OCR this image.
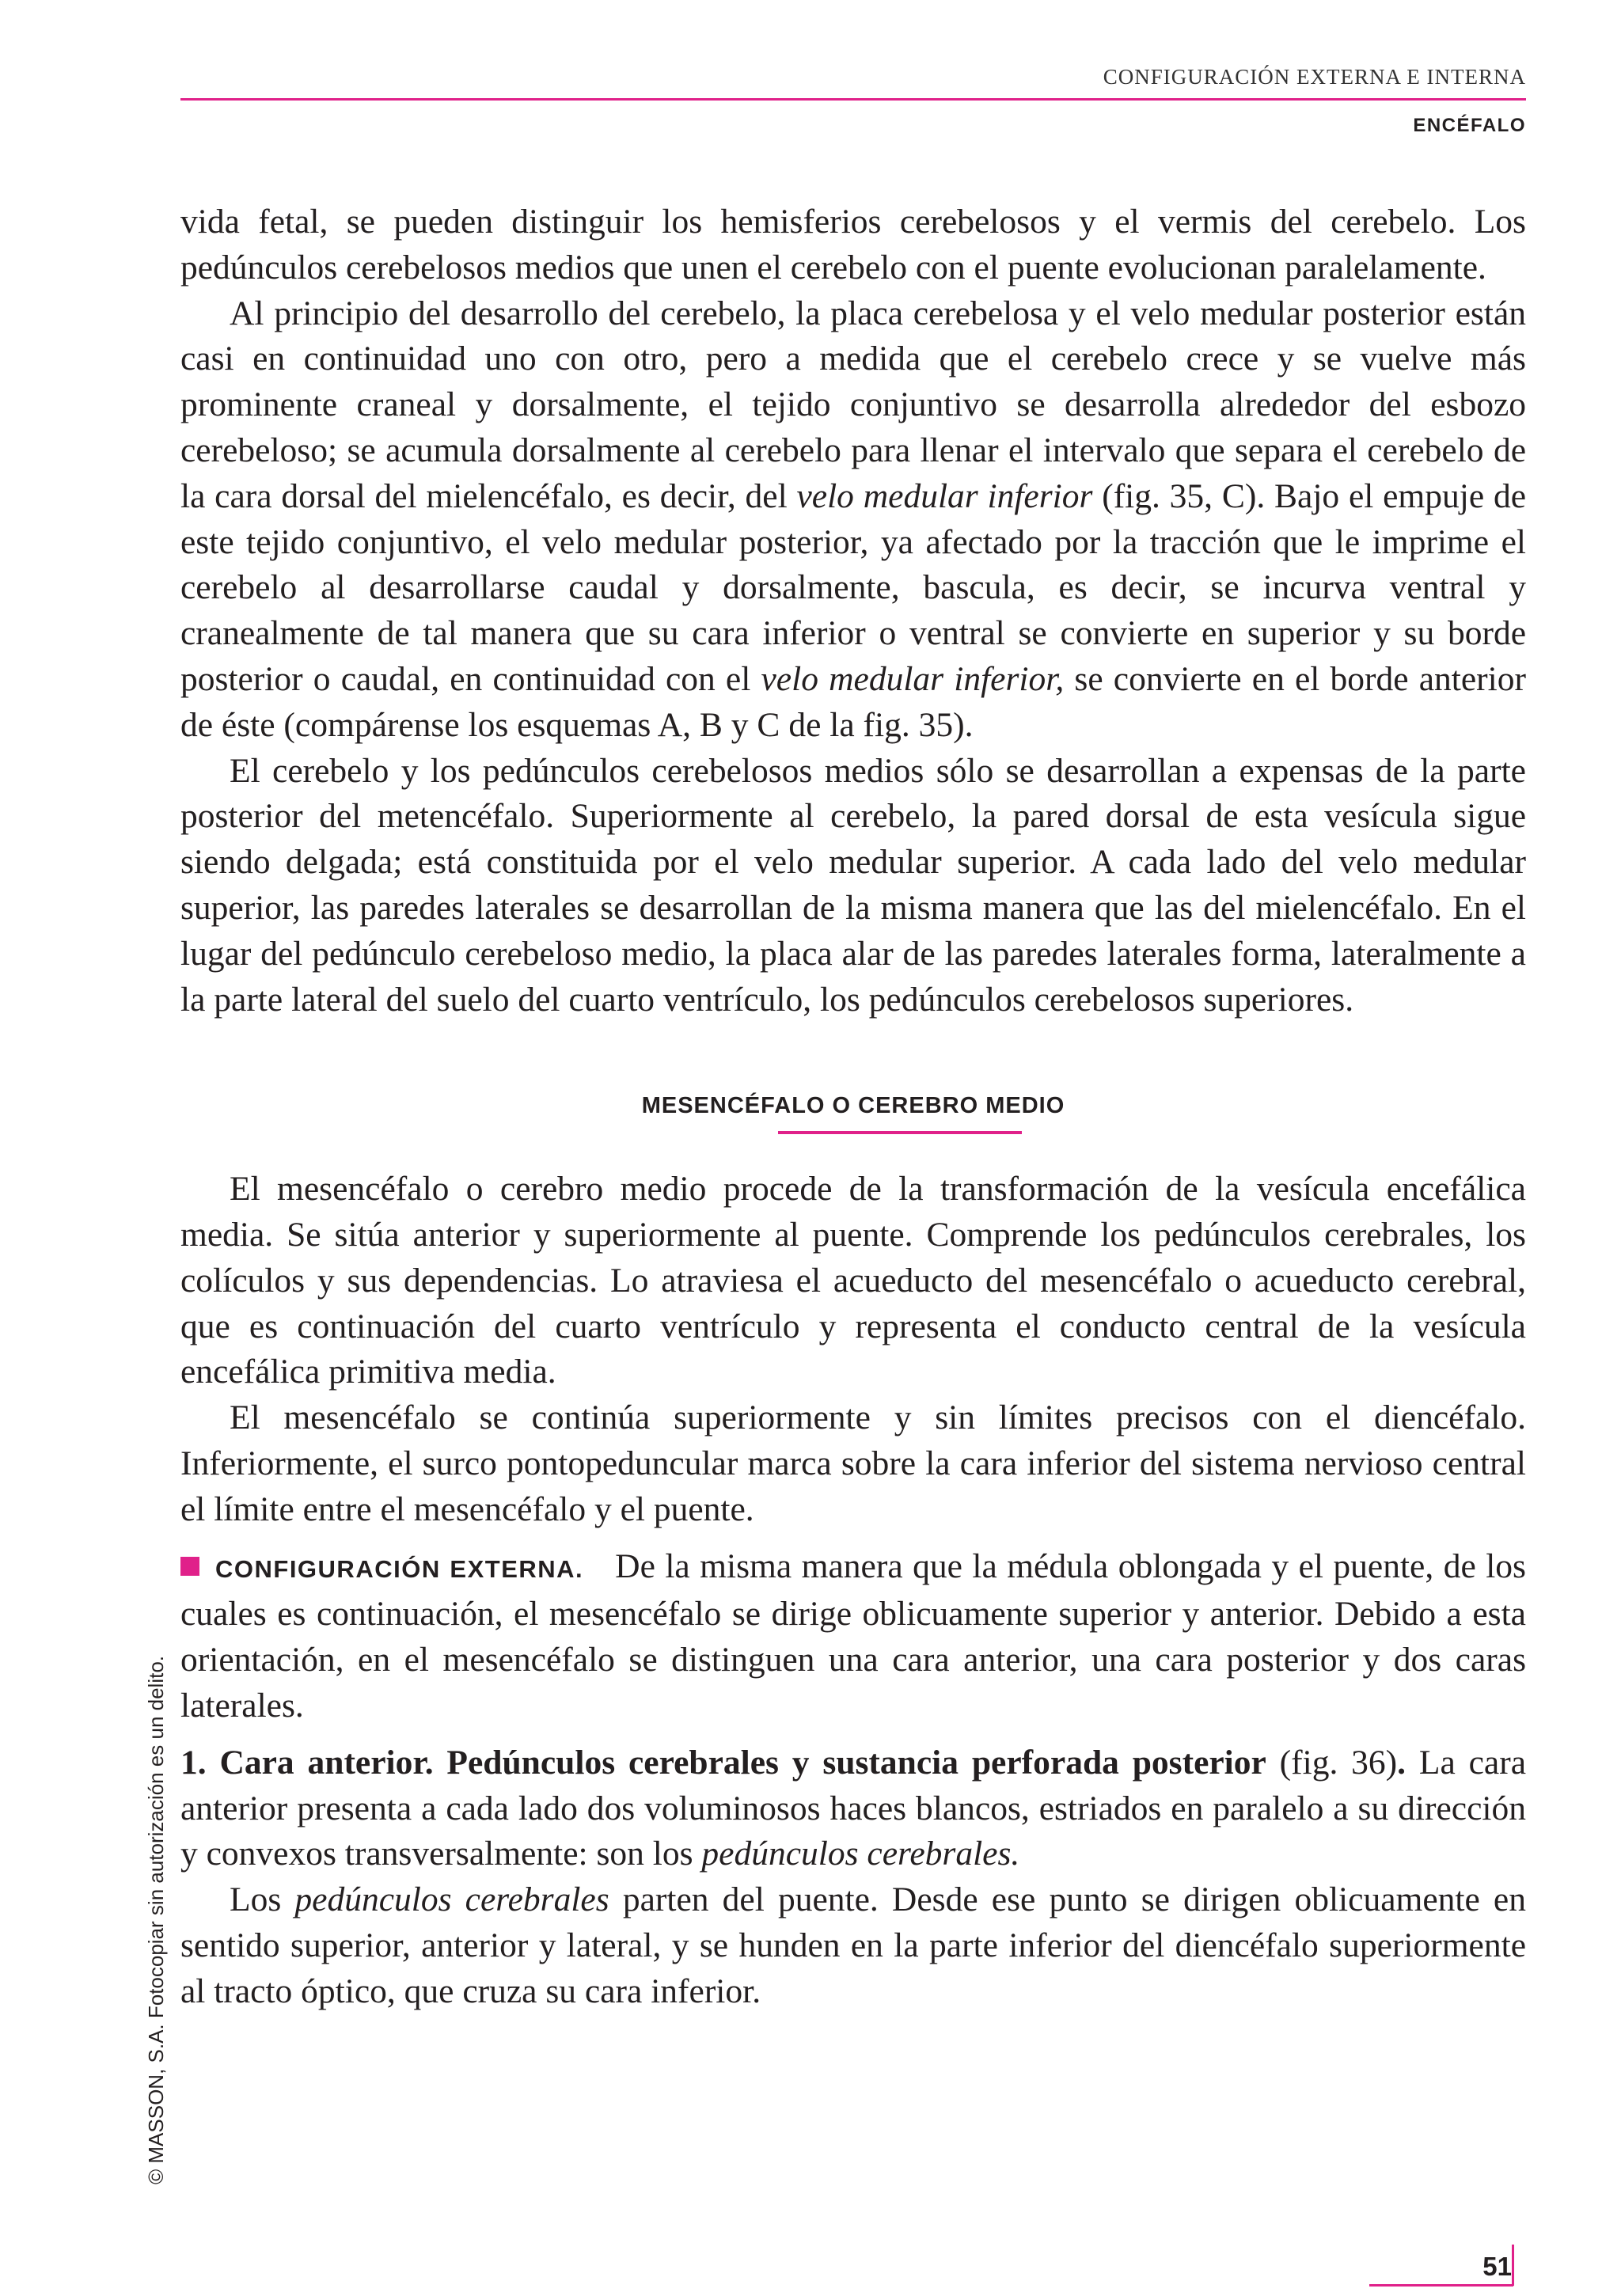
CONFIGURACIÓN EXTERNA E INTERNA
ENCÉFALO

vida fetal, se pueden distinguir los hemisferios cerebelosos y el vermis del cerebelo. Los pedúnculos cerebelosos medios que unen el cerebelo con el puente evolucionan paralelamente.

Al principio del desarrollo del cerebelo, la placa cerebelosa y el velo medular posterior están casi en continuidad uno con otro, pero a medida que el cerebelo crece y se vuelve más prominente craneal y dorsalmente, el tejido conjuntivo se desarrolla alrededor del esbozo cerebeloso; se acumula dorsalmente al cerebelo para llenar el intervalo que separa el cerebelo de la cara dorsal del mielencéfalo, es decir, del velo medular inferior (fig. 35, C). Bajo el empuje de este tejido conjuntivo, el velo medular posterior, ya afectado por la tracción que le imprime el cerebelo al desarrollarse caudal y dorsalmente, bascula, es decir, se incurva ventral y cranealmente de tal manera que su cara inferior o ventral se convierte en superior y su borde posterior o caudal, en continuidad con el velo medular inferior, se convierte en el borde anterior de éste (compárense los esquemas A, B y C de la fig. 35).

El cerebelo y los pedúnculos cerebelosos medios sólo se desarrollan a expensas de la parte posterior del metencéfalo. Superiormente al cerebelo, la pared dorsal de esta vesícula sigue siendo delgada; está constituida por el velo medular superior. A cada lado del velo medular superior, las paredes laterales se desarrollan de la misma manera que las del mielencéfalo. En el lugar del pedúnculo cerebeloso medio, la placa alar de las paredes laterales forma, lateralmente a la parte lateral del suelo del cuarto ventrículo, los pedúnculos cerebelosos superiores.

MESENCÉFALO O CEREBRO MEDIO

El mesencéfalo o cerebro medio procede de la transformación de la vesícula encefálica media. Se sitúa anterior y superiormente al puente. Comprende los pedúnculos cerebrales, los colículos y sus dependencias. Lo atraviesa el acueducto del mesencéfalo o acueducto cerebral, que es continuación del cuarto ventrículo y representa el conducto central de la vesícula encefálica primitiva media.

El mesencéfalo se continúa superiormente y sin límites precisos con el diencéfalo. Inferiormente, el surco pontopeduncular marca sobre la cara inferior del sistema nervioso central el límite entre el mesencéfalo y el puente.

CONFIGURACIÓN EXTERNA. De la misma manera que la médula oblongada y el puente, de los cuales es continuación, el mesencéfalo se dirige oblicuamente superior y anterior. Debido a esta orientación, en el mesencéfalo se distinguen una cara anterior, una cara posterior y dos caras laterales.

1. Cara anterior. Pedúnculos cerebrales y sustancia perforada posterior (fig. 36). La cara anterior presenta a cada lado dos voluminosos haces blancos, estriados en paralelo a su dirección y convexos transversalmente: son los pedúnculos cerebrales.

Los pedúnculos cerebrales parten del puente. Desde ese punto se dirigen oblicuamente en sentido superior, anterior y lateral, y se hunden en la parte inferior del diencéfalo superiormente al tracto óptico, que cruza su cara inferior.

© MASSON, S.A. Fotocopiar sin autorización es un delito.
51
